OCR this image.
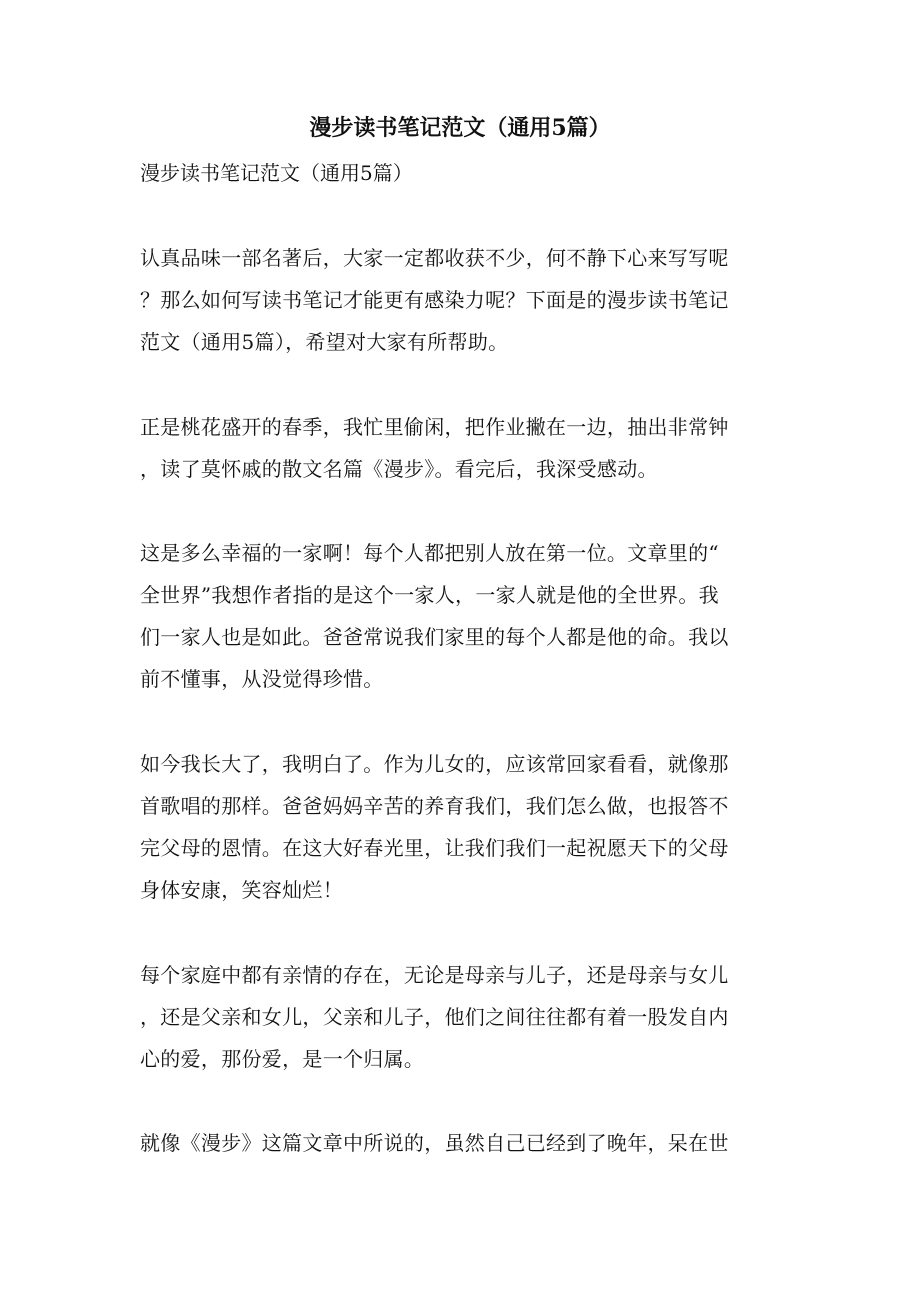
漫步读书笔记范文（通用5篇）
漫步读书笔记范文（通用5篇）
认真品味一部名著后，大家一定都收获不少，何不静下心来写写呢
？那么如何写读书笔记才能更有感染力呢？下面是的漫步读书笔记
范文（通用5篇），希望对大家有所帮助。
正是桃花盛开的春季，我忙里偷闲，把作业撇在一边，抽出非常钟
，读了莫怀戚的散文名篇《漫步》。看完后，我深受感动。
这是多么幸福的一家啊！每个人都把别人放在第一位。文章里的“
全世界”我想作者指的是这个一家人，一家人就是他的全世界。我
们一家人也是如此。爸爸常说我们家里的每个人都是他的命。我以
前不懂事，从没觉得珍惜。
如今我长大了，我明白了。作为儿女的，应该常回家看看，就像那
首歌唱的那样。爸爸妈妈辛苦的养育我们，我们怎么做，也报答不
完父母的恩情。在这大好春光里，让我们我们一起祝愿天下的父母
身体安康，笑容灿烂！
每个家庭中都有亲情的存在，无论是母亲与儿子，还是母亲与女儿
，还是父亲和女儿，父亲和儿子，他们之间往往都有着一股发自内
心的爱，那份爱，是一个归属。
就像《漫步》这篇文章中所说的，虽然自己已经到了晚年，呆在世
